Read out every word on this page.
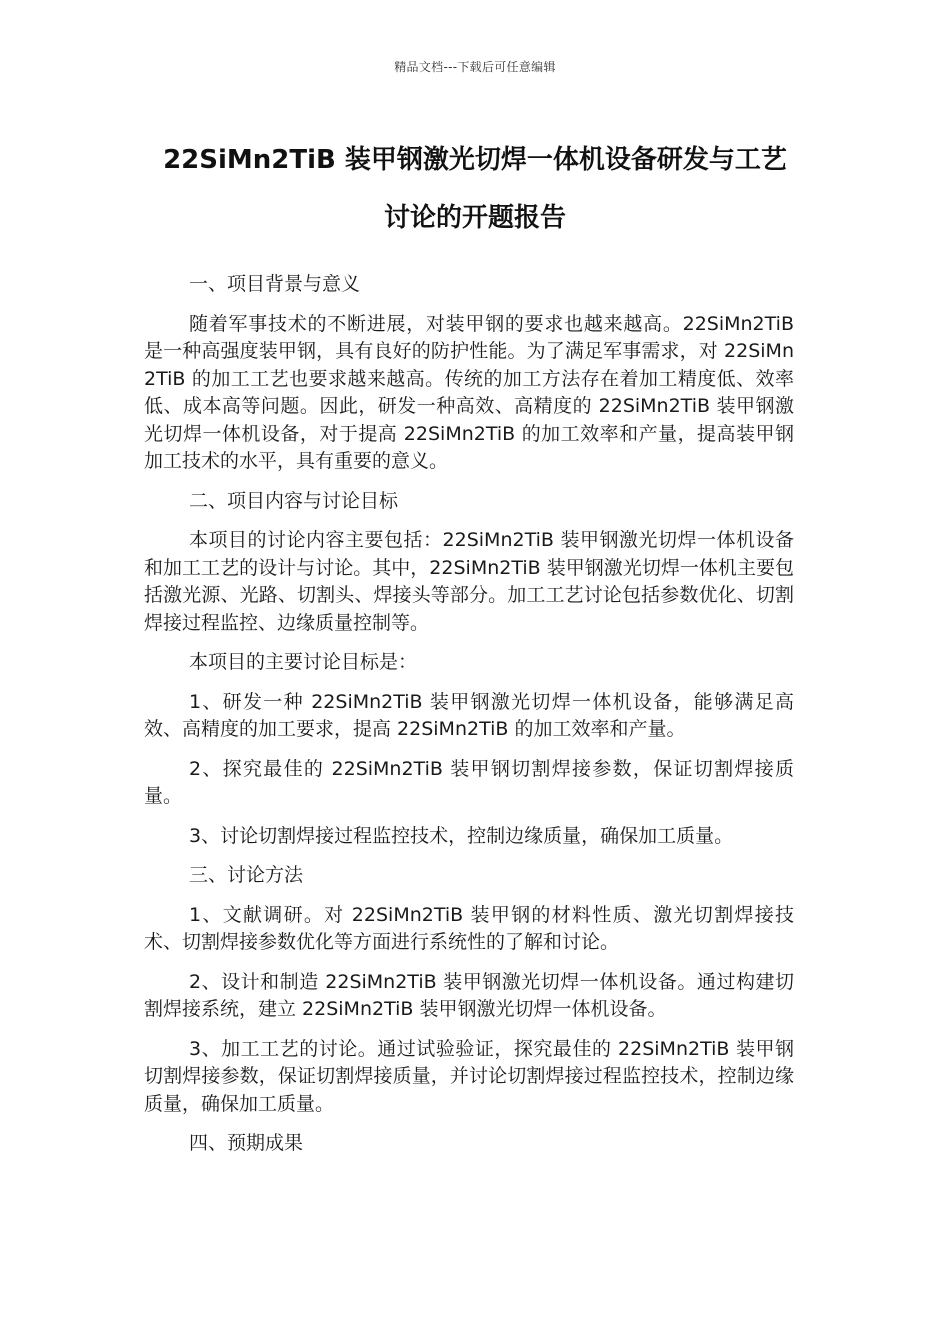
精品文档---下载后可任意编辑
22SiMn2TiB 装甲钢激光切焊一体机设备研发与工艺
讨论的开题报告

一、项目背景与意义

随着军事技术的不断进展，对装甲钢的要求也越来越高。22SiMn2TiB 是一种高强度装甲钢，具有良好的防护性能。为了满足军事需求，对 22SiMn2TiB 的加工工艺也要求越来越高。传统的加工方法存在着加工精度低、效率低、成本高等问题。因此，研发一种高效、高精度的 22SiMn2TiB 装甲钢激光切焊一体机设备，对于提高 22SiMn2TiB 的加工效率和产量，提高装甲钢加工技术的水平，具有重要的意义。

二、项目内容与讨论目标

本项目的讨论内容主要包括：22SiMn2TiB 装甲钢激光切焊一体机设备和加工工艺的设计与讨论。其中，22SiMn2TiB 装甲钢激光切焊一体机主要包括激光源、光路、切割头、焊接头等部分。加工工艺讨论包括参数优化、切割焊接过程监控、边缘质量控制等。

本项目的主要讨论目标是：

1、研发一种 22SiMn2TiB 装甲钢激光切焊一体机设备，能够满足高效、高精度的加工要求，提高 22SiMn2TiB 的加工效率和产量。

2、探究最佳的 22SiMn2TiB 装甲钢切割焊接参数，保证切割焊接质量。

3、讨论切割焊接过程监控技术，控制边缘质量，确保加工质量。

三、讨论方法

1、文献调研。对 22SiMn2TiB 装甲钢的材料性质、激光切割焊接技术、切割焊接参数优化等方面进行系统性的了解和讨论。

2、设计和制造 22SiMn2TiB 装甲钢激光切焊一体机设备。通过构建切割焊接系统，建立 22SiMn2TiB 装甲钢激光切焊一体机设备。

3、加工工艺的讨论。通过试验验证，探究最佳的 22SiMn2TiB 装甲钢切割焊接参数，保证切割焊接质量，并讨论切割焊接过程监控技术，控制边缘质量，确保加工质量。

四、预期成果
